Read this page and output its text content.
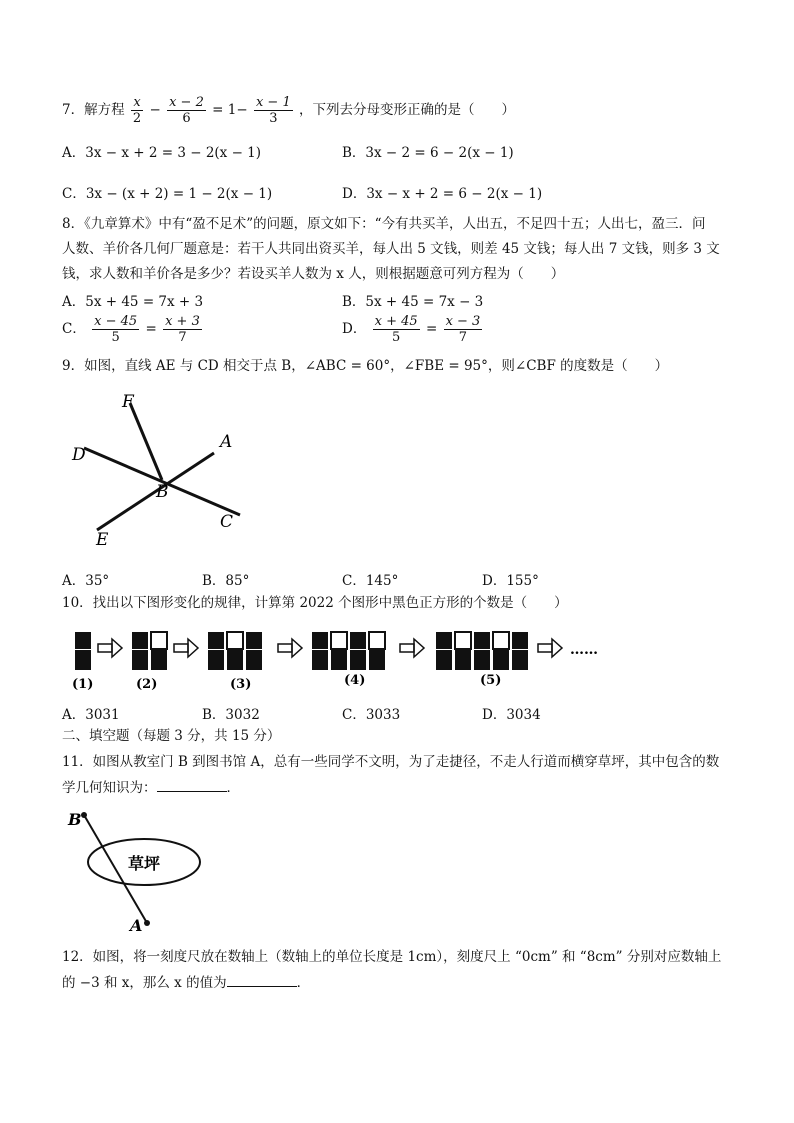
7．解方程 $\frac{x}{2} - \frac{x - 2}{6} = 1- \frac{x - 1}{3}$ ，下列去分母变形正确的是（　　）
A．3x − x + 2 = 3 − 2(x − 1)	B．3x − 2 = 6 − 2(x − 1)
C．3x − (x + 2) = 1 − 2(x − 1)	D．3x − x + 2 = 6 − 2(x − 1)
8．《九章算术》中有“盈不足术”的问题，原文如下：“今有共买羊，人出五，不足四十五；人出七，盈三．问
人数、羊价各几何厂题意是：若干人共同出资买羊，每人出 5 文钱，则差 45 文钱；每人出 7 文钱，则多 3 文
钱，求人数和羊价各是多少？若设买羊人数为 x 人，则根据题意可列方程为（　　）
A．5x + 45 = 7x + 3	B．5x + 45 = 7x − 3
C． $\frac{x - 45}{5} = \frac{x + 3}{7}$	D． $\frac{x + 45}{5} = \frac{x - 3}{7}$
9．如图，直线 AE 与 CD 相交于点 B，∠ABC = 60°，∠FBE = 95°，则∠CBF 的度数是（　　）
F
A
D
B
C
E
A．35°	B．85°	C．145°	D．155°
10．找出以下图形变化的规律，计算第 2022 个图形中黑色正方形的个数是（　　）
……
(1)	(2)	(3)	(4)	(5)
A．3031	B．3032	C．3033	D．3034
二、填空题（每题 3 分，共 15 分）
11．如图从教室门 B 到图书馆 A，总有一些同学不文明，为了走捷径，不走人行道而横穿草坪，其中包含的数
学几何知识为：	．
B
A
草坪
12．如图，将一刻度尺放在数轴上（数轴上的单位长度是 1cm），刻度尺上 “0cm” 和 “8cm” 分别对应数轴上
的 −3 和 x，那么 x 的值为	．
